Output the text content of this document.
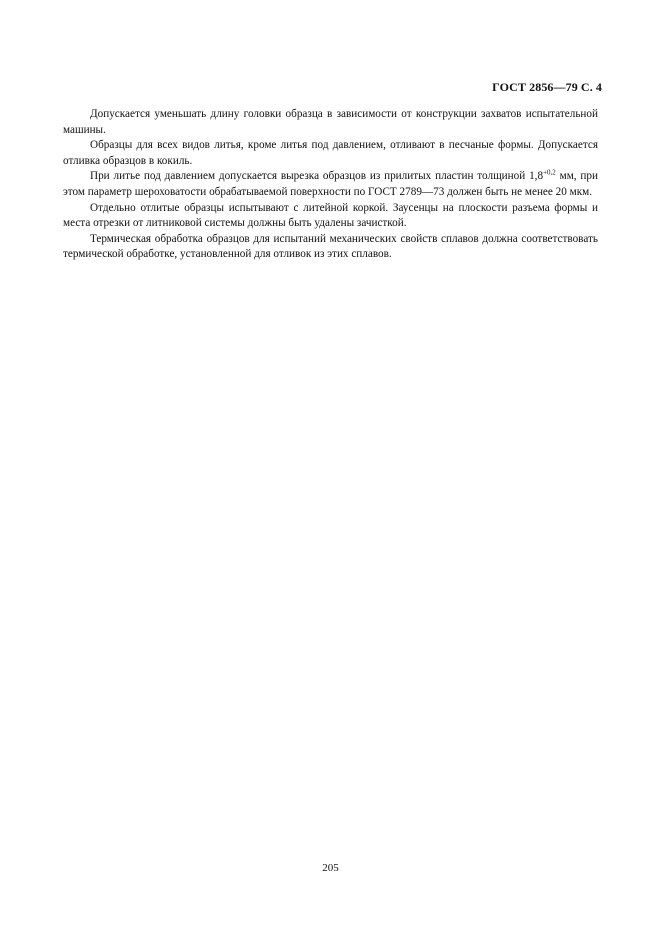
ГОСТ 2856—79 С. 4

Допускается уменьшать длину головки образца в зависимости от конструкции захватов испытательной машины.

Образцы для всех видов литья, кроме литья под давлением, отливают в песчаные формы. Допускается отливка образцов в кокиль.

При литье под давлением допускается вырезка образцов из прилитых пластин толщиной $1,8^{+0,2}$ мм, при этом параметр шероховатости обрабатываемой поверхности по ГОСТ 2789—73 должен быть не менее 20 мкм.

Отдельно отлитые образцы испытывают с литейной коркой. Заусенцы на плоскости разъема формы и места отрезки от литниковой системы должны быть удалены зачисткой.

Термическая обработка образцов для испытаний механических свойств сплавов должна соответствовать термической обработке, установленной для отливок из этих сплавов.

205
